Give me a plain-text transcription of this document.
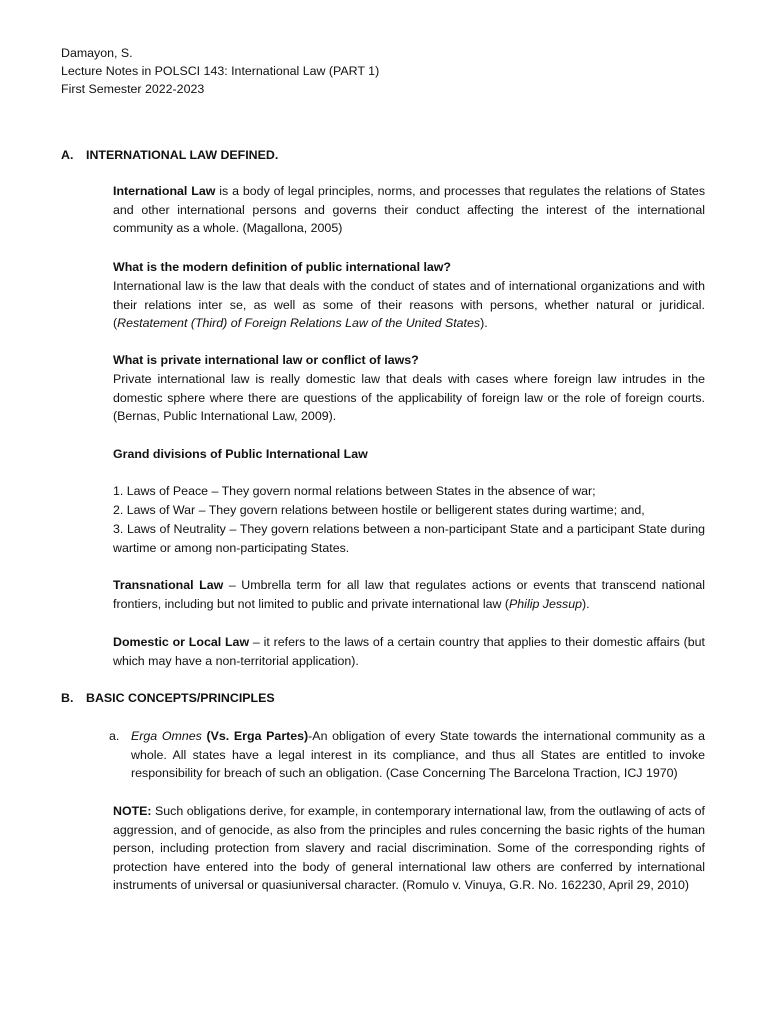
Damayon, S.
Lecture Notes in POLSCI 143: International Law (PART 1)
First Semester 2022-2023
A. INTERNATIONAL LAW DEFINED.

International Law is a body of legal principles, norms, and processes that regulates the relations of States and other international persons and governs their conduct affecting the interest of the international community as a whole. (Magallona, 2005)

What is the modern definition of public international law?

International law is the law that deals with the conduct of states and of international organizations and with their relations inter se, as well as some of their reasons with persons, whether natural or juridical. (Restatement (Third) of Foreign Relations Law of the United States).

What is private international law or conflict of laws?

Private international law is really domestic law that deals with cases where foreign law intrudes in the domestic sphere where there are questions of the applicability of foreign law or the role of foreign courts. (Bernas, Public International Law, 2009).

Grand divisions of Public International Law

1. Laws of Peace – They govern normal relations between States in the absence of war;

2. Laws of War – They govern relations between hostile or belligerent states during wartime; and,

3. Laws of Neutrality – They govern relations between a non-participant State and a participant State during wartime or among non-participating States.

Transnational Law – Umbrella term for all law that regulates actions or events that transcend national frontiers, including but not limited to public and private international law (Philip Jessup).

Domestic or Local Law – it refers to the laws of a certain country that applies to their domestic affairs (but which may have a non-territorial application).

B. BASIC CONCEPTS/PRINCIPLES
a. Erga Omnes (Vs. Erga Partes)-An obligation of every State towards the international community as a whole. All states have a legal interest in its compliance, and thus all States are entitled to invoke responsibility for breach of such an obligation. (Case Concerning The Barcelona Traction, ICJ 1970)

NOTE: Such obligations derive, for example, in contemporary international law, from the outlawing of acts of aggression, and of genocide, as also from the principles and rules concerning the basic rights of the human person, including protection from slavery and racial discrimination. Some of the corresponding rights of protection have entered into the body of general international law others are conferred by international instruments of universal or quasiuniversal character. (Romulo v. Vinuya, G.R. No. 162230, April 29, 2010)
